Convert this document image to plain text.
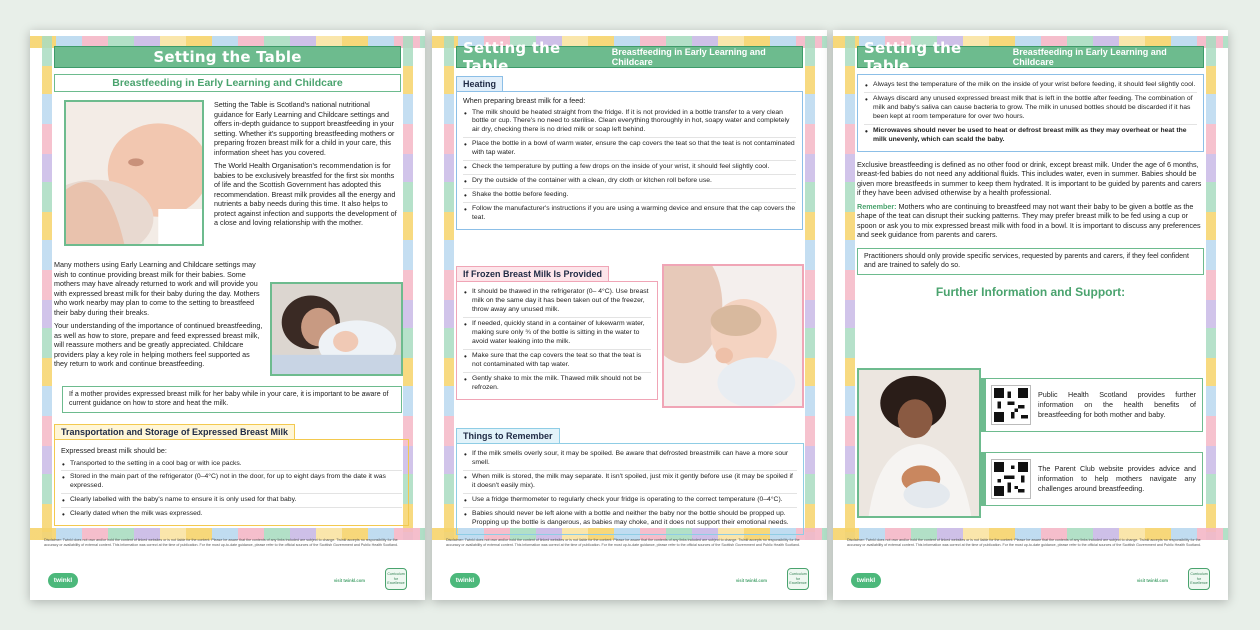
Setting the Table
Breastfeeding in Early Learning and Childcare

Setting the Table is Scotland's national nutritional guidance for Early Learning and Childcare settings and offers in-depth guidance to support breastfeeding in your setting. Whether it's supporting breastfeeding mothers or preparing frozen breast milk for a child in your care, this information sheet has you covered.

The World Health Organisation's recommendation is for babies to be exclusively breastfed for the first six months of life and the Scottish Government has adopted this recommendation. Breast milk provides all the energy and nutrients a baby needs during this time. It also helps to protect against infection and supports the development of a close and loving relationship with the mother.

Many mothers using Early Learning and Childcare settings may wish to continue providing breast milk for their babies. Some mothers may have already returned to work and will provide you with expressed breast milk for their baby during the day. Mothers who work nearby may plan to come to the setting to breastfeed their baby during their breaks.

Your understanding of the importance of continued breastfeeding, as well as how to store, prepare and feed expressed breast milk, will reassure mothers and be greatly appreciated. Childcare providers play a key role in helping mothers feel supported as they return to work and continue breastfeeding.

If a mother provides expressed breast milk for her baby while in your care, it is important to be aware of current guidance on how to store and heat the milk.
Transportation and Storage of Expressed Breast Milk

Expressed breast milk should be:

• Transported to the setting in a cool bag or with ice packs.
• Stored in the main part of the refrigerator (0–4°C) not in the door, for up to eight days from the date it was expressed.
• Clearly labelled with the baby's name to ensure it is only used for that baby.
• Clearly dated when the milk was expressed.
Disclaimer: Twinkl does not own and/or hold the content of linked websites or is not liable for the content. Please be aware that the contents of any links included are subject to change. Twinkl accepts no responsibility for the accuracy or availability of external content. This information was correct at the time of publication. For the most up-to-date guidance, please refer to the official sources of the Scottish Government and Public Health Scotland.
twinkl	visit twinkl.com
Curriculum for Excellence
Setting the Table
Breastfeeding in Early Learning and Childcare
Heating

When preparing breast milk for a feed:

• The milk should be heated straight from the fridge. If it is not provided in a bottle transfer to a very clean bottle or cup. There's no need to sterilise. Clean everything thoroughly in hot, soapy water and completely air dry, checking there is no dried milk or soap left behind.
• Place the bottle in a bowl of warm water, ensure the cap covers the teat so that the teat is not contaminated with tap water.
• Check the temperature by putting a few drops on the inside of your wrist, it should feel slightly cool.
• Dry the outside of the container with a clean, dry cloth or kitchen roll before use.
• Shake the bottle before feeding.
• Follow the manufacturer's instructions if you are using a warming device and ensure that the cap covers the teat.
If Frozen Breast Milk Is Provided
• It should be thawed in the refrigerator (0– 4°C). Use breast milk on the same day it has been taken out of the freezer, throw away any unused milk.
• If needed, quickly stand in a container of lukewarm water, making sure only ¾ of the bottle is sitting in the water to avoid water leaking into the milk.
• Make sure that the cap covers the teat so that the teat is not contaminated with tap water.
• Gently shake to mix the milk. Thawed milk should not be refrozen.
Things to Remember
• If the milk smells overly sour, it may be spoiled. Be aware that defrosted breastmilk can have a more sour smell.
• When milk is stored, the milk may separate. It isn't spoiled, just mix it gently before use (it may be spoiled if it doesn't easily mix).
• Use a fridge thermometer to regularly check your fridge is operating to the correct temperature (0–4°C).
• Babies should never be left alone with a bottle and neither the baby nor the bottle should be propped up. Propping up the bottle is dangerous, as babies may choke, and it does not support their emotional needs.
Disclaimer: Twinkl does not own and/or hold the content of linked websites or is not liable for the content. Please be aware that the contents of any links included are subject to change. Twinkl accepts no responsibility for the accuracy or availability of external content. This information was correct at the time of publication. For the most up-to-date guidance, please refer to the official sources of the Scottish Government and Public Health Scotland.
twinkl	visit twinkl.com
Curriculum for Excellence
Setting the Table
Breastfeeding in Early Learning and Childcare
• Always test the temperature of the milk on the inside of your wrist before feeding, it should feel slightly cool.
• Always discard any unused expressed breast milk that is left in the bottle after feeding. The combination of milk and baby's saliva can cause bacteria to grow. The milk in unused bottles should be discarded if it has been kept at room temperature for over two hours.
• Microwaves should never be used to heat or defrost breast milk as they may overheat or heat the milk unevenly, which can scald the baby.

Exclusive breastfeeding is defined as no other food or drink, except breast milk. Under the age of 6 months, breast-fed babies do not need any additional fluids. This includes water, even in summer. Babies should be given more breastfeeds in summer to keep them hydrated. It is important to be guided by parents and carers if they have been advised otherwise by a health professional.

Remember: Mothers who are continuing to breastfeed may not want their baby to be given a bottle as the shape of the teat can disrupt their sucking patterns. They may prefer breast milk to be fed using a cup or spoon or ask you to mix expressed breast milk with food in a bowl. It is important to discuss any preferences and seek guidance from parents and carers.

Practitioners should only provide specific services, requested by parents and carers, if they feel confident and are trained to safely do so.
Further Information and Support:
Public Health Scotland provides further information on the health benefits of breastfeeding for both mother and baby.
The Parent Club website provides advice and information to help mothers navigate any challenges around breastfeeding.
Disclaimer: Twinkl does not own and/or hold the content of linked websites or is not liable for the content. Please be aware that the contents of any links included are subject to change. Twinkl accepts no responsibility for the accuracy or availability of external content. This information was correct at the time of publication. For the most up-to-date guidance, please refer to the official sources of the Scottish Government and Public Health Scotland.
twinkl	visit twinkl.com
Curriculum for Excellence
